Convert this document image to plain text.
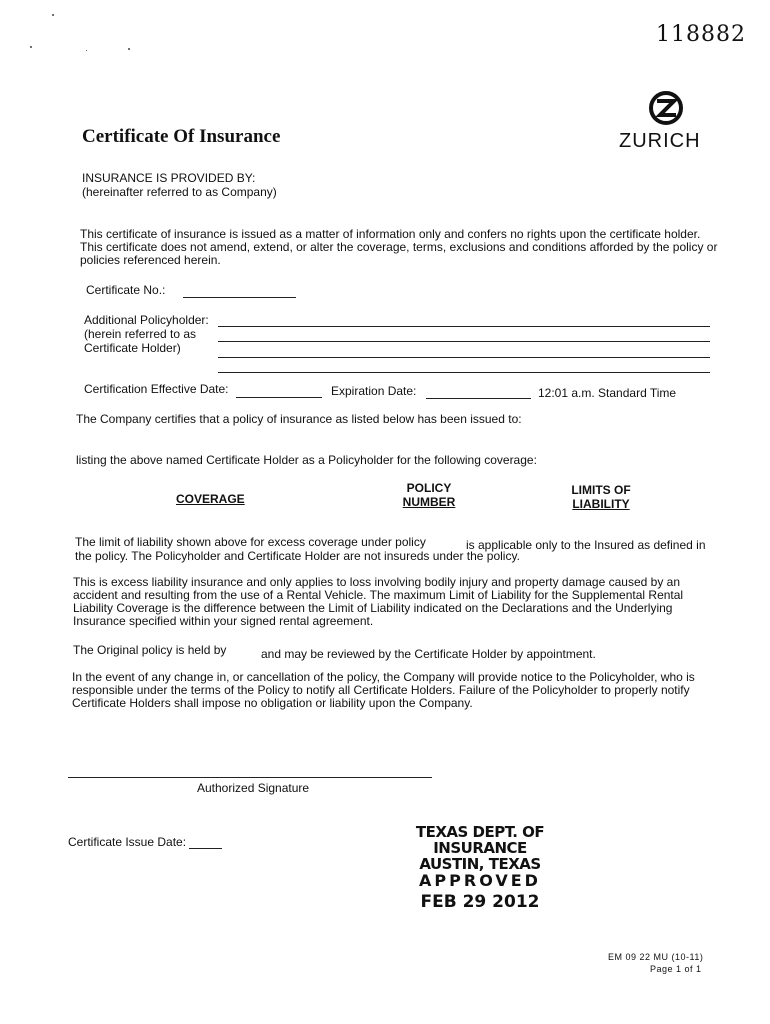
118882
ZURICH
Certificate Of Insurance
INSURANCE IS PROVIDED BY:
(hereinafter referred to as Company)
This certificate of insurance is issued as a matter of information only and confers no rights upon the certificate holder.
This certificate does not amend, extend, or alter the coverage, terms, exclusions and conditions afforded by the policy or
policies referenced herein.
Certificate No.:
Additional Policyholder:
(herein referred to as
Certificate Holder)
Certification Effective Date:	Expiration Date:	12:01 a.m. Standard Time
The Company certifies that a policy of insurance as listed below has been issued to:
listing the above named Certificate Holder as a Policyholder for the following coverage:
COVERAGE
POLICY
NUMBER
LIMITS OF
LIABILITY
The limit of liability shown above for excess coverage under policy	is applicable only to the Insured as defined in
the policy. The Policyholder and Certificate Holder are not insureds under the policy.
This is excess liability insurance and only applies to loss involving bodily injury and property damage caused by an
accident and resulting from the use of a Rental Vehicle. The maximum Limit of Liability for the Supplemental Rental
Liability Coverage is the difference between the Limit of Liability indicated on the Declarations and the Underlying
Insurance specified within your signed rental agreement.
The Original policy is held by	and may be reviewed by the Certificate Holder by appointment.
In the event of any change in, or cancellation of the policy, the Company will provide notice to the Policyholder, who is
responsible under the terms of the Policy to notify all Certificate Holders. Failure of the Policyholder to properly notify
Certificate Holders shall impose no obligation or liability upon the Company.
Authorized Signature
Certificate Issue Date:
TEXAS DEPT. OF INSURANCE
AUSTIN, TEXAS
APPROVED
FEB 29 2012
EM 09 22 MU (10-11)
Page 1 of 1
